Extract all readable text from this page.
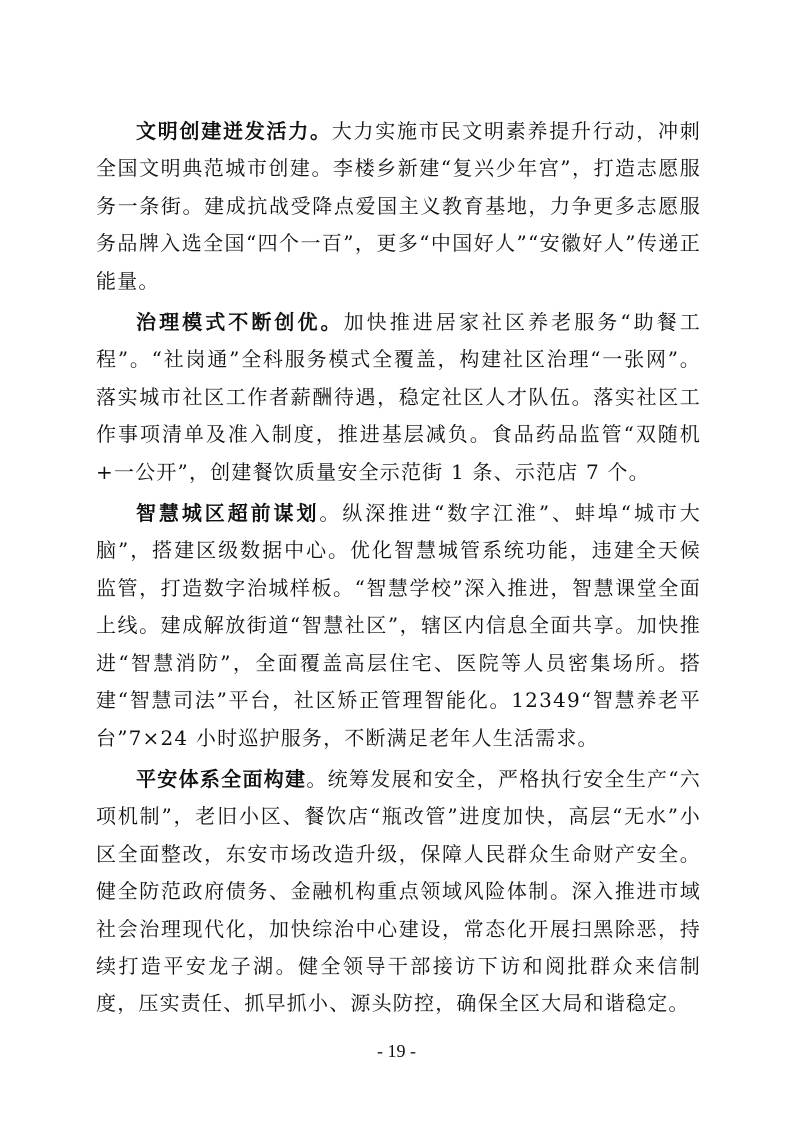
文明创建迸发活力。大力实施市民文明素养提升行动，冲刺全国文明典范城市创建。李楼乡新建“复兴少年宫”，打造志愿服务一条街。建成抗战受降点爱国主义教育基地，力争更多志愿服务品牌入选全国“四个一百”，更多“中国好人”“安徽好人”传递正能量。

治理模式不断创优。加快推进居家社区养老服务“助餐工程”。“社岗通”全科服务模式全覆盖，构建社区治理“一张网”。落实城市社区工作者薪酬待遇，稳定社区人才队伍。落实社区工作事项清单及准入制度，推进基层减负。食品药品监管“双随机+一公开”，创建餐饮质量安全示范街 1 条、示范店 7 个。

智慧城区超前谋划。纵深推进“数字江淮”、蚌埠“城市大脑”，搭建区级数据中心。优化智慧城管系统功能，违建全天候监管，打造数字治城样板。“智慧学校”深入推进，智慧课堂全面上线。建成解放街道“智慧社区”，辖区内信息全面共享。加快推进“智慧消防”，全面覆盖高层住宅、医院等人员密集场所。搭建“智慧司法”平台，社区矫正管理智能化。12349“智慧养老平台”7×24 小时巡护服务，不断满足老年人生活需求。

平安体系全面构建。统筹发展和安全，严格执行安全生产“六项机制”，老旧小区、餐饮店“瓶改管”进度加快，高层“无水”小区全面整改，东安市场改造升级，保障人民群众生命财产安全。健全防范政府债务、金融机构重点领域风险体制。深入推进市域社会治理现代化，加快综治中心建设，常态化开展扫黑除恶，持续打造平安龙子湖。健全领导干部接访下访和阅批群众来信制度，压实责任、抓早抓小、源头防控，确保全区大局和谐稳定。

- 19 -
